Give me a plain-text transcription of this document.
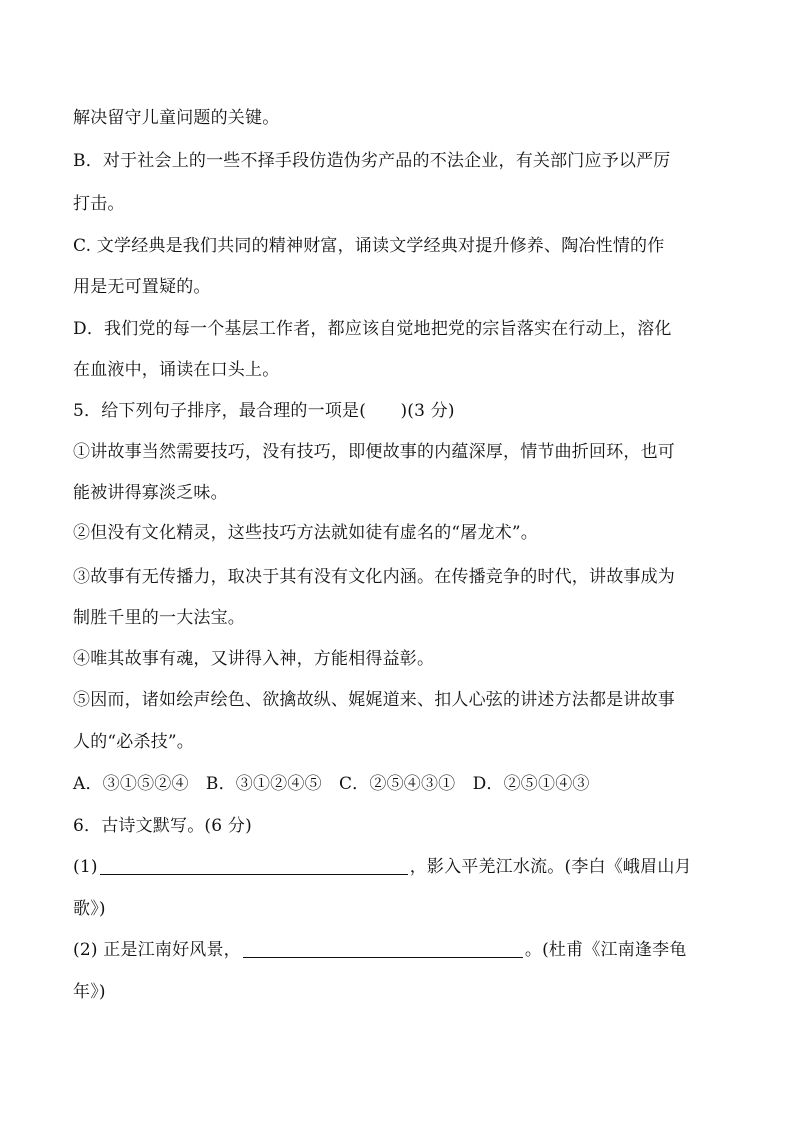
解决留守儿童问题的关键。
B．对于社会上的一些不择手段仿造伪劣产品的不法企业，有关部门应予以严厉
打击。
C. 文学经典是我们共同的精神财富，诵读文学经典对提升修养、陶冶性情的作
用是无可置疑的。
D．我们党的每一个基层工作者，都应该自觉地把党的宗旨落实在行动上，溶化
在血液中，诵读在口头上。
5．给下列句子排序，最合理的一项是(　　)(3 分)
①讲故事当然需要技巧，没有技巧，即便故事的内蕴深厚，情节曲折回环，也可
能被讲得寡淡乏味。
②但没有文化精灵，这些技巧方法就如徒有虚名的“屠龙术”。
③故事有无传播力，取决于其有没有文化内涵。在传播竞争的时代，讲故事成为
制胜千里的一大法宝。
④唯其故事有魂，又讲得入神，方能相得益彰。
⑤因而，诸如绘声绘色、欲擒故纵、娓娓道来、扣人心弦的讲述方法都是讲故事
人的“必杀技”。
A．③①⑤②④　B．③①②④⑤　C．②⑤④③①　D．②⑤①④③
6．古诗文默写。(6 分)
(1)	，影入平羌江水流。(李白《峨眉山月
歌》)
(2) 正是江南好风景，	。(杜甫《江南逢李龟
年》)
